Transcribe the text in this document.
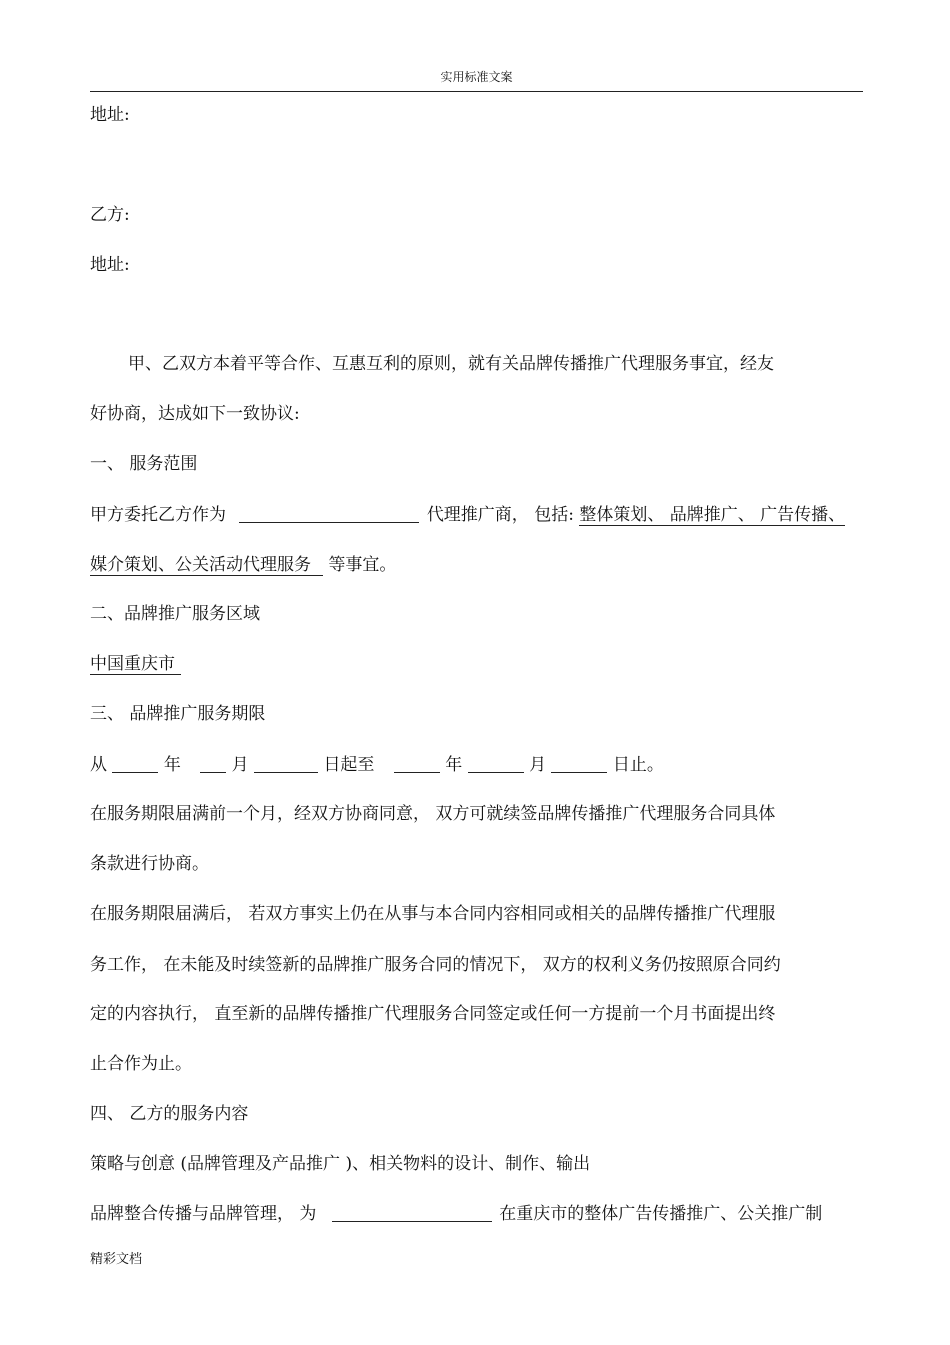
实用标准文案
地址:
乙方:
地址:
甲、乙双方本着平等合作、互惠互利的原则，就有关品牌传播推广代理服务事宜，经友
好协商，达成如下一致协议:
一、 服务范围
甲方委托乙方作为	代理推广商， 包括: 整体策划、 品牌推广、 广告传播、
媒介策划、公关活动代理服务 等事宜。
二、品牌推广服务区域
中国重庆市
三、 品牌推广服务期限
从	年	月	日起至	年	月	日止。
在服务期限届满前一个月，经双方协商同意， 双方可就续签品牌传播推广代理服务合同具体
条款进行协商。
在服务期限届满后， 若双方事实上仍在从事与本合同内容相同或相关的品牌传播推广代理服
务工作， 在未能及时续签新的品牌推广服务合同的情况下， 双方的权利义务仍按照原合同约
定的内容执行， 直至新的品牌传播推广代理服务合同签定或任何一方提前一个月书面提出终
止合作为止。
四、 乙方的服务内容
策略与创意 (品牌管理及产品推广 )、相关物料的设计、制作、输出
品牌整合传播与品牌管理， 为	在重庆市的整体广告传播推广、公关推广制
精彩文档
